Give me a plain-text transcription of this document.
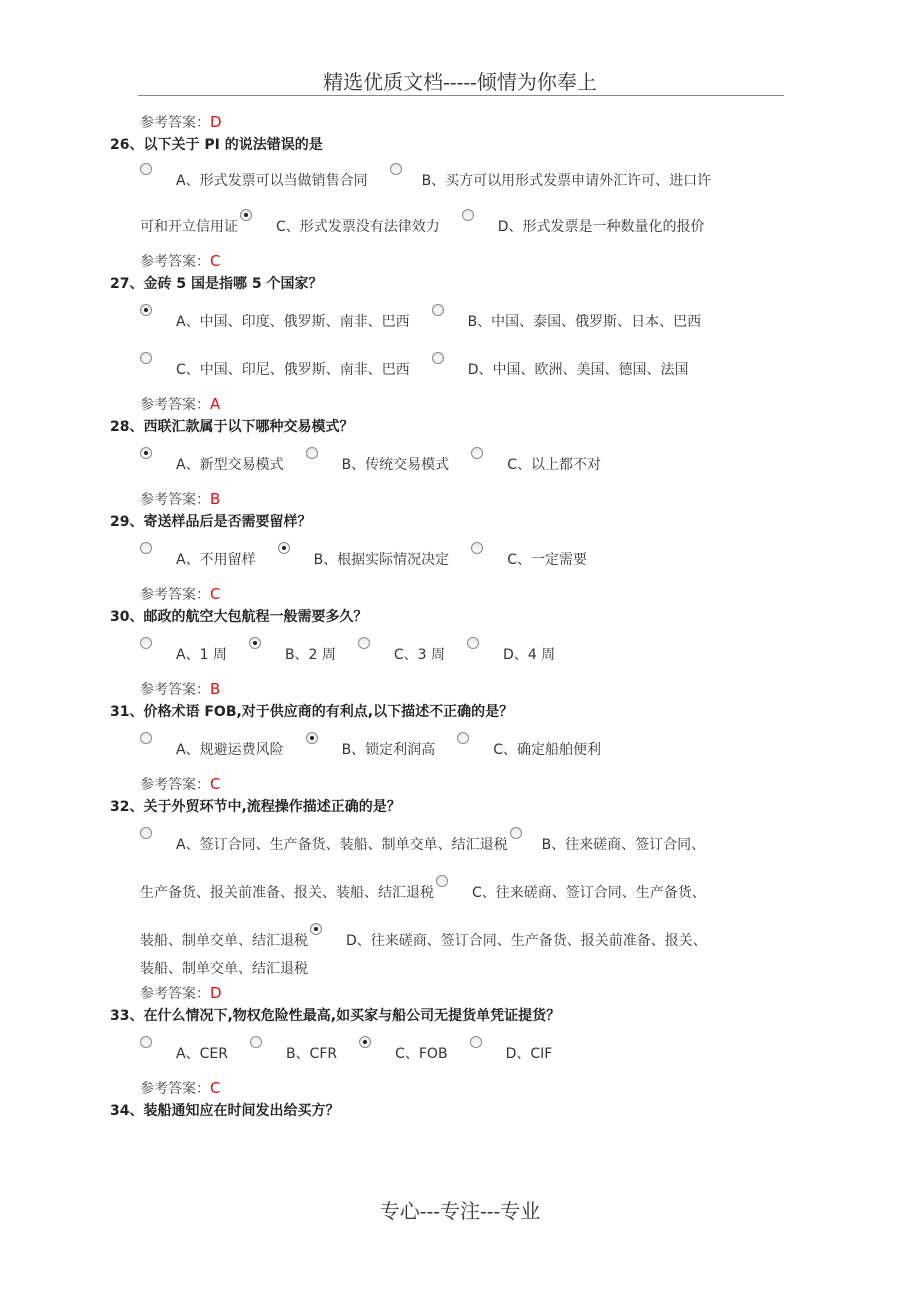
精选优质文档-----倾情为你奉上
参考答案：D
26、以下关于 PI 的说法错误的是
A、形式发票可以当做销售合同	B、买方可以用形式发票申请外汇许可、进口许
可和开立信用证	C、形式发票没有法律效力	D、形式发票是一种数量化的报价
参考答案：C
27、金砖 5 国是指哪 5 个国家？
A、中国、印度、俄罗斯、南非、巴西	B、中国、泰国、俄罗斯、日本、巴西
C、中国、印尼、俄罗斯、南非、巴西	D、中国、欧洲、美国、德国、法国
参考答案：A
28、西联汇款属于以下哪种交易模式？
A、新型交易模式	B、传统交易模式	C、以上都不对
参考答案：B
29、寄送样品后是否需要留样？
A、不用留样	B、根据实际情况决定	C、一定需要
参考答案：C
30、邮政的航空大包航程一般需要多久？
A、1 周	B、2 周	C、3 周	D、4 周
参考答案：B
31、价格术语 FOB,对于供应商的有利点,以下描述不正确的是？
A、规避运费风险	B、锁定利润高	C、确定船舶便利
参考答案：C
32、关于外贸环节中,流程操作描述正确的是？
A、签订合同、生产备货、装船、制单交单、结汇退税 B、往来磋商、签订合同、
生产备货、报关前准备、报关、装船、结汇退税	C、往来磋商、签订合同、生产备货、
装船、制单交单、结汇退税	D、往来磋商、签订合同、生产备货、报关前准备、报关、
装船、制单交单、结汇退税
参考答案：D
33、在什么情况下,物权危险性最高,如买家与船公司无提货单凭证提货？
A、CER	B、CFR	C、FOB	D、CIF
参考答案：C
34、装船通知应在时间发出给买方？
专心---专注---专业
